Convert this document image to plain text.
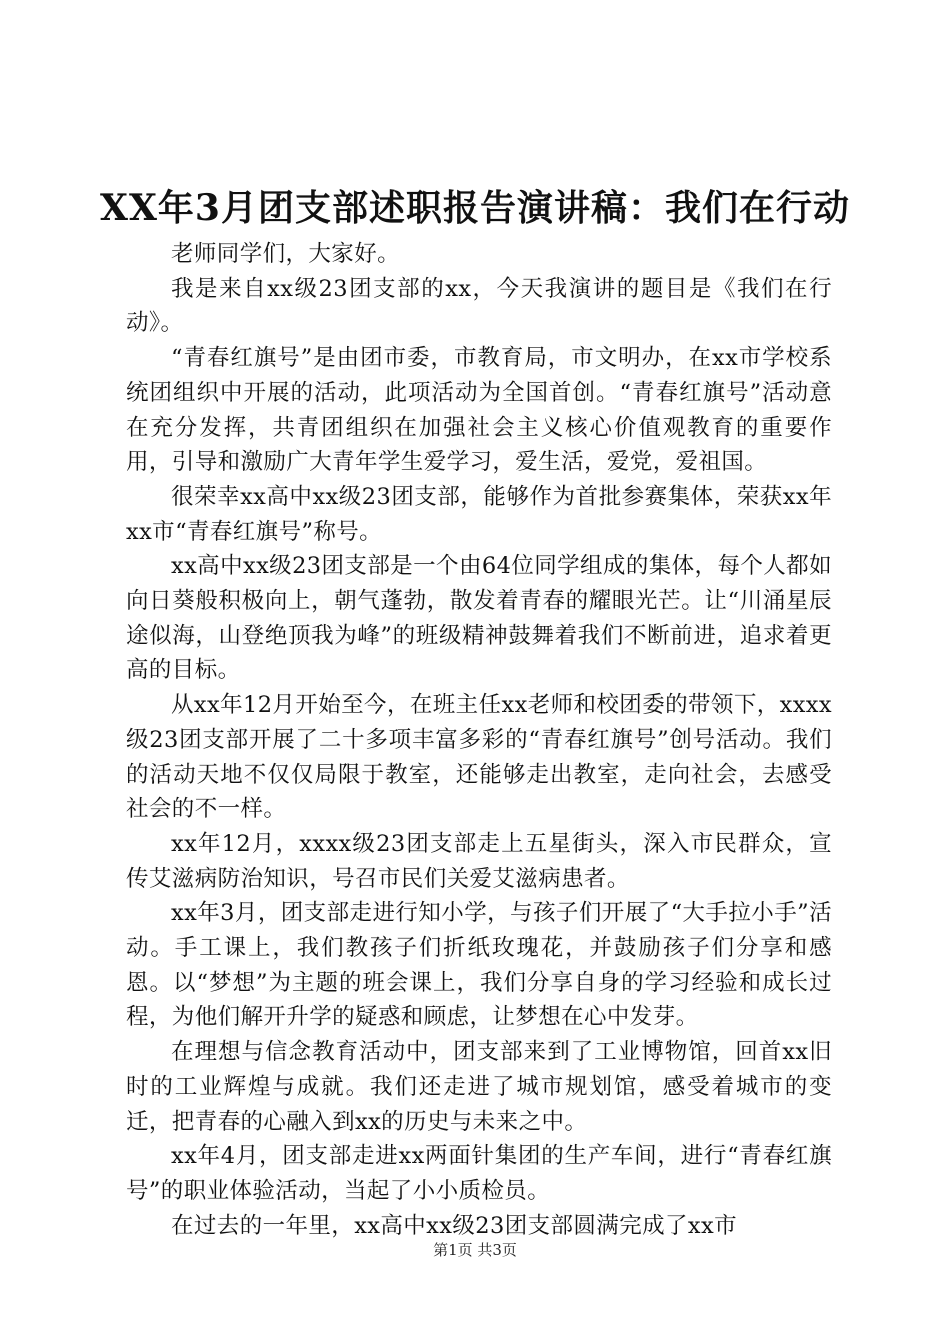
XX年3月团支部述职报告演讲稿：我们在行动

老师同学们，大家好。

我是来自xx级23团支部的xx，今天我演讲的题目是《我们在行动》。

“青春红旗号”是由团市委，市教育局，市文明办，在xx市学校系统团组织中开展的活动，此项活动为全国首创。“青春红旗号”活动意在充分发挥，共青团组织在加强社会主义核心价值观教育的重要作用，引导和激励广大青年学生爱学习，爱生活，爱党，爱祖国。

很荣幸xx高中xx级23团支部，能够作为首批参赛集体，荣获xx年xx市“青春红旗号”称号。

xx高中xx级23团支部是一个由64位同学组成的集体，每个人都如向日葵般积极向上，朝气蓬勃，散发着青春的耀眼光芒。让“川涌星辰途似海，山登绝顶我为峰”的班级精神鼓舞着我们不断前进，追求着更高的目标。

从xx年12月开始至今，在班主任xx老师和校团委的带领下，xxxx级23团支部开展了二十多项丰富多彩的“青春红旗号”创号活动。我们的活动天地不仅仅局限于教室，还能够走出教室，走向社会，去感受社会的不一样。

xx年12月，xxxx级23团支部走上五星街头，深入市民群众，宣传艾滋病防治知识，号召市民们关爱艾滋病患者。

xx年3月，团支部走进行知小学，与孩子们开展了“大手拉小手”活动。手工课上，我们教孩子们折纸玫瑰花，并鼓励孩子们分享和感恩。以“梦想”为主题的班会课上，我们分享自身的学习经验和成长过程，为他们解开升学的疑惑和顾虑，让梦想在心中发芽。

在理想与信念教育活动中，团支部来到了工业博物馆，回首xx旧时的工业辉煌与成就。我们还走进了城市规划馆，感受着城市的变迁，把青春的心融入到xx的历史与未来之中。

xx年4月，团支部走进xx两面针集团的生产车间，进行“青春红旗号”的职业体验活动，当起了小小质检员。

在过去的一年里，xx高中xx级23团支部圆满完成了xx市

第1页 共3页
